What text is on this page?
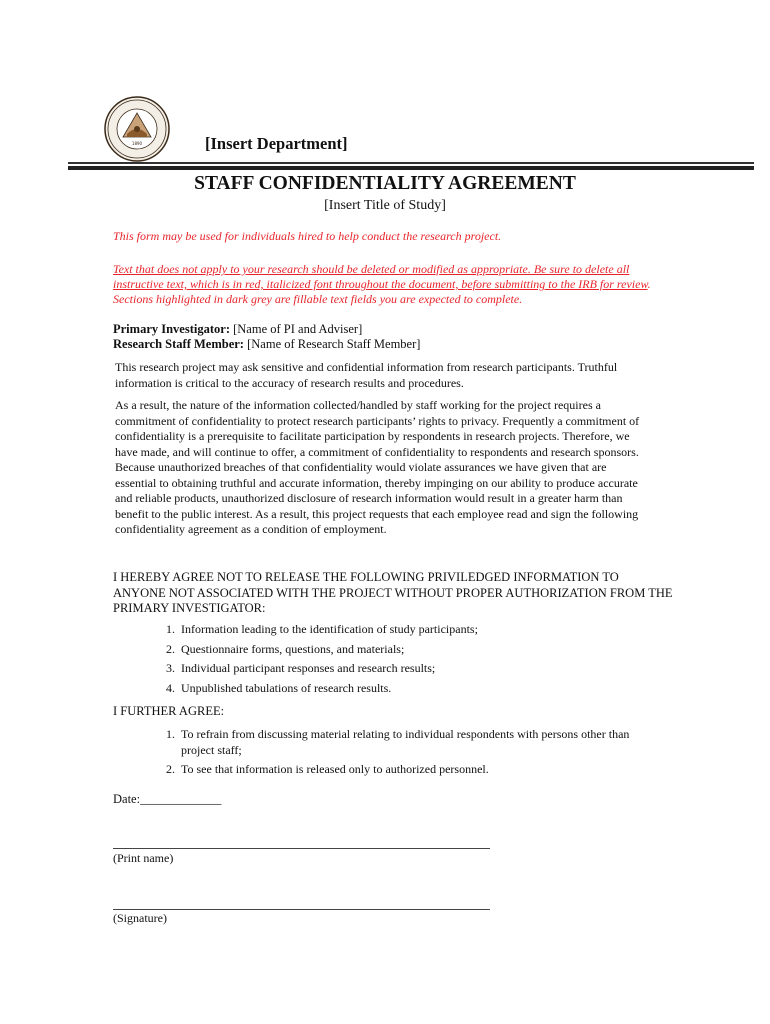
1890	[Insert Department]
STAFF CONFIDENTIALITY AGREEMENT
[Insert Title of Study]
This form may be used for individuals hired to help conduct the research project.
Text that does not apply to your research should be deleted or modified as appropriate. Be sure to delete all instructive text, which is in red, italicized font throughout the document, before submitting to the IRB for review. Sections highlighted in dark grey are fillable text fields you are expected to complete.
Primary Investigator: [Name of PI and Adviser]
Research Staff Member: [Name of Research Staff Member]
This research project may ask sensitive and confidential information from research participants. Truthful information is critical to the accuracy of research results and procedures.
As a result, the nature of the information collected/handled by staff working for the project requires a commitment of confidentiality to protect research participants’ rights to privacy. Frequently a commitment of confidentiality is a prerequisite to facilitate participation by respondents in research projects. Therefore, we have made, and will continue to offer, a commitment of confidentiality to respondents and research sponsors. Because unauthorized breaches of that confidentiality would violate assurances we have given that are essential to obtaining truthful and accurate information, thereby impinging on our ability to produce accurate and reliable products, unauthorized disclosure of research information would result in a greater harm than benefit to the public interest. As a result, this project requests that each employee read and sign the following confidentiality agreement as a condition of employment.
I HEREBY AGREE NOT TO RELEASE THE FOLLOWING PRIVILEDGED INFORMATION TO ANYONE NOT ASSOCIATED WITH THE PROJECT WITHOUT PROPER AUTHORIZATION FROM THE PRIMARY INVESTIGATOR:
1. Information leading to the identification of study participants;
2. Questionnaire forms, questions, and materials;
3. Individual participant responses and research results;
4. Unpublished tabulations of research results.
I FURTHER AGREE:
1. To refrain from discussing material relating to individual respondents with persons other than project staff;
2. To see that information is released only to authorized personnel.
Date:_____________
(Print name)
(Signature)
